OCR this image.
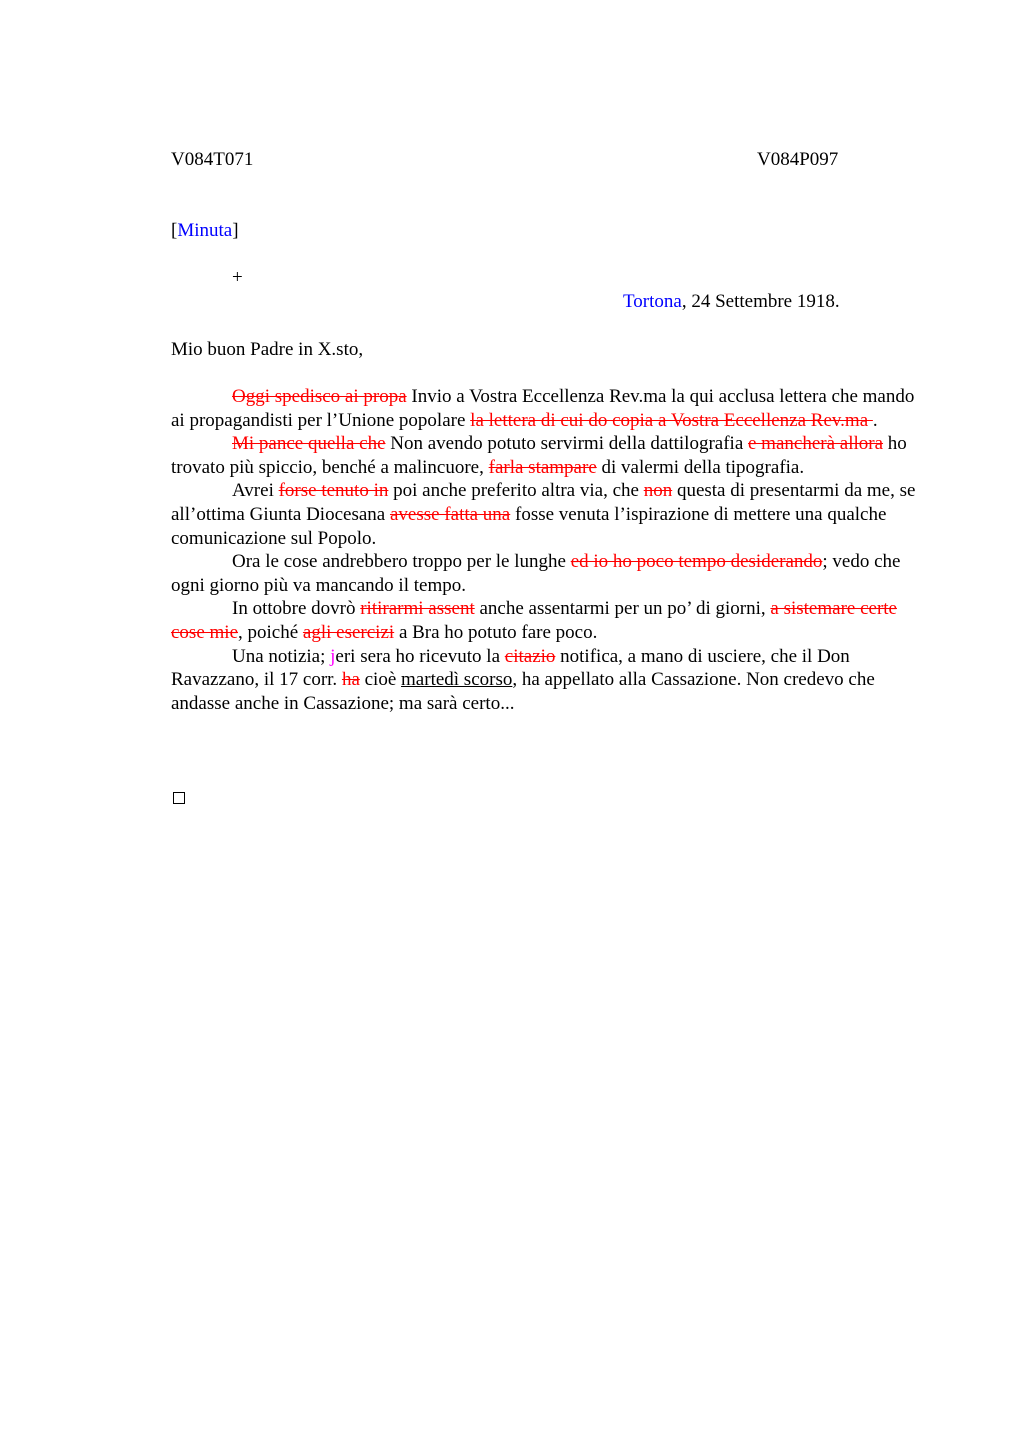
V084T071	V084P097
[Minuta]
+
Tortona, 24 Settembre 1918.
Mio buon Padre in X.sto,

Oggi spedisco ai propa Invio a Vostra Eccellenza Rev.ma la qui acclusa lettera che mando ai propagandisti per l’Unione popolare la lettera di cui do copia a Vostra Eccellenza Rev.ma .

Mi pance quella che Non avendo potuto servirmi della dattilografia e mancherà allora ho trovato più spiccio, benché a malincuore, farla stampare di valermi della tipografia.

Avrei forse tenuto in poi anche preferito altra via, che non questa di presentarmi da me, se all’ottima Giunta Diocesana avesse fatta una fosse venuta l’ispirazione di mettere una qualche comunicazione sul Popolo.

Ora le cose andrebbero troppo per le lunghe ed io ho poco tempo desiderando; vedo che ogni giorno più va mancando il tempo.

In ottobre dovrò ritirarmi assent anche assentarmi per un po’ di giorni, a sistemare certe cose mie, poiché agli esercizi a Bra ho potuto fare poco.

Una notizia; jeri sera ho ricevuto la citazio notifica, a mano di usciere, che il Don Ravazzano, il 17 corr. ha cioè martedì scorso, ha appellato alla Cassazione. Non credevo che andasse anche in Cassazione; ma sarà certo...
